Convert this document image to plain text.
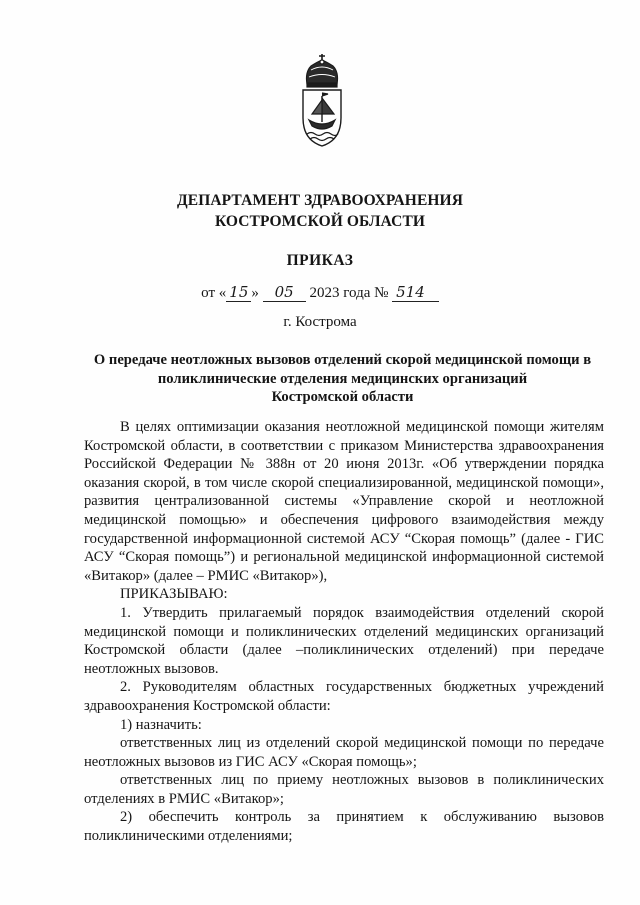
ДЕПАРТАМЕНТ ЗДРАВООХРАНЕНИЯ
КОСТРОМСКОЙ ОБЛАСТИ
ПРИКАЗ
от « 15 » 05 2023 года № 514
г. Кострома
О передаче неотложных вызовов отделений скорой медицинской помощи в
поликлинические отделения медицинских организаций
Костромской области

В целях оптимизации оказания неотложной медицинской помощи жителям Костромской области, в соответствии с приказом Министерства здравоохранения Российской Федерации № 388н от 20 июня 2013г. «Об утверждении порядка оказания скорой, в том числе скорой специализированной, медицинской помощи», развития централизованной системы «Управление скорой и неотложной медицинской помощью» и обеспечения цифрового взаимодействия между государственной информационной системой АСУ “Скорая помощь” (далее - ГИС АСУ “Скорая помощь”) и региональной медицинской информационной системой «Витакор» (далее – РМИС «Витакор»),

ПРИКАЗЫВАЮ:

1. Утвердить прилагаемый порядок взаимодействия отделений скорой медицинской помощи и поликлинических отделений медицинских организаций Костромской области (далее –поликлинических отделений) при передаче неотложных вызовов.

2. Руководителям областных государственных бюджетных учреждений здравоохранения Костромской области:

1) назначить:

ответственных лиц из отделений скорой медицинской помощи по передаче неотложных вызовов из ГИС АСУ «Скорая помощь»;

ответственных лиц по приему неотложных вызовов в поликлинических отделениях в РМИС «Витакор»;

2) обеспечить контроль за принятием к обслуживанию вызовов поликлиническими отделениями;
